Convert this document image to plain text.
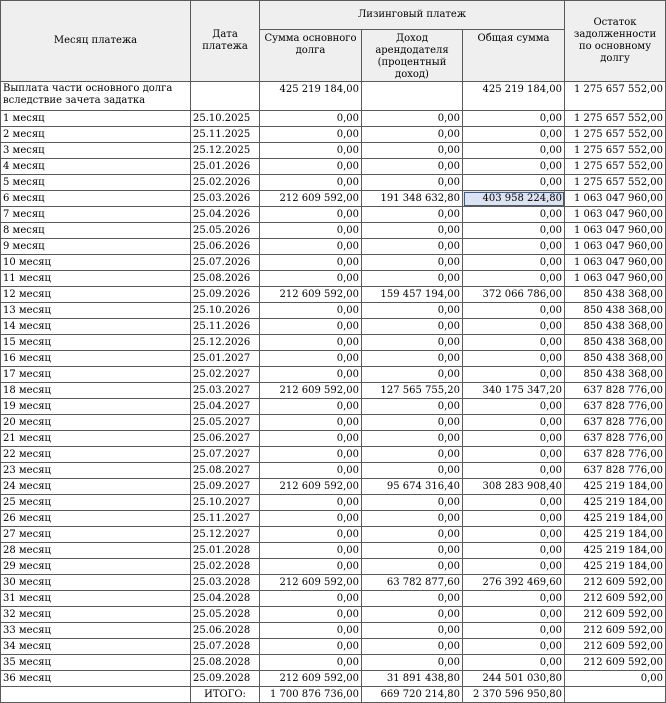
Месяц платежа	Дата платежа	Лизинговый платеж			Остаток задолженности по основному долгу
		Сумма основного долга	Доход арендодателя (процентный доход)	Общая сумма	
Выплата части основного долга вследствие зачета задатка		425 219 184,00		425 219 184,00	1 275 657 552,00
1 месяц	25.10.2025	0,00	0,00	0,00	1 275 657 552,00
2 месяц	25.11.2025	0,00	0,00	0,00	1 275 657 552,00
3 месяц	25.12.2025	0,00	0,00	0,00	1 275 657 552,00
4 месяц	25.01.2026	0,00	0,00	0,00	1 275 657 552,00
5 месяц	25.02.2026	0,00	0,00	0,00	1 275 657 552,00
6 месяц	25.03.2026	212 609 592,00	191 348 632,80	403 958 224,80	1 063 047 960,00
7 месяц	25.04.2026	0,00	0,00	0,00	1 063 047 960,00
8 месяц	25.05.2026	0,00	0,00	0,00	1 063 047 960,00
9 месяц	25.06.2026	0,00	0,00	0,00	1 063 047 960,00
10 месяц	25.07.2026	0,00	0,00	0,00	1 063 047 960,00
11 месяц	25.08.2026	0,00	0,00	0,00	1 063 047 960,00
12 месяц	25.09.2026	212 609 592,00	159 457 194,00	372 066 786,00	850 438 368,00
13 месяц	25.10.2026	0,00	0,00	0,00	850 438 368,00
14 месяц	25.11.2026	0,00	0,00	0,00	850 438 368,00
15 месяц	25.12.2026	0,00	0,00	0,00	850 438 368,00
16 месяц	25.01.2027	0,00	0,00	0,00	850 438 368,00
17 месяц	25.02.2027	0,00	0,00	0,00	850 438 368,00
18 месяц	25.03.2027	212 609 592,00	127 565 755,20	340 175 347,20	637 828 776,00
19 месяц	25.04.2027	0,00	0,00	0,00	637 828 776,00
20 месяц	25.05.2027	0,00	0,00	0,00	637 828 776,00
21 месяц	25.06.2027	0,00	0,00	0,00	637 828 776,00
22 месяц	25.07.2027	0,00	0,00	0,00	637 828 776,00
23 месяц	25.08.2027	0,00	0,00	0,00	637 828 776,00
24 месяц	25.09.2027	212 609 592,00	95 674 316,40	308 283 908,40	425 219 184,00
25 месяц	25.10.2027	0,00	0,00	0,00	425 219 184,00
26 месяц	25.11.2027	0,00	0,00	0,00	425 219 184,00
27 месяц	25.12.2027	0,00	0,00	0,00	425 219 184,00
28 месяц	25.01.2028	0,00	0,00	0,00	425 219 184,00
29 месяц	25.02.2028	0,00	0,00	0,00	425 219 184,00
30 месяц	25.03.2028	212 609 592,00	63 782 877,60	276 392 469,60	212 609 592,00
31 месяц	25.04.2028	0,00	0,00	0,00	212 609 592,00
32 месяц	25.05.2028	0,00	0,00	0,00	212 609 592,00
33 месяц	25.06.2028	0,00	0,00	0,00	212 609 592,00
34 месяц	25.07.2028	0,00	0,00	0,00	212 609 592,00
35 месяц	25.08.2028	0,00	0,00	0,00	212 609 592,00
36 месяц	25.09.2028	212 609 592,00	31 891 438,80	244 501 030,80	0,00
	ИТОГО:	1 700 876 736,00	669 720 214,80	2 370 596 950,80	
